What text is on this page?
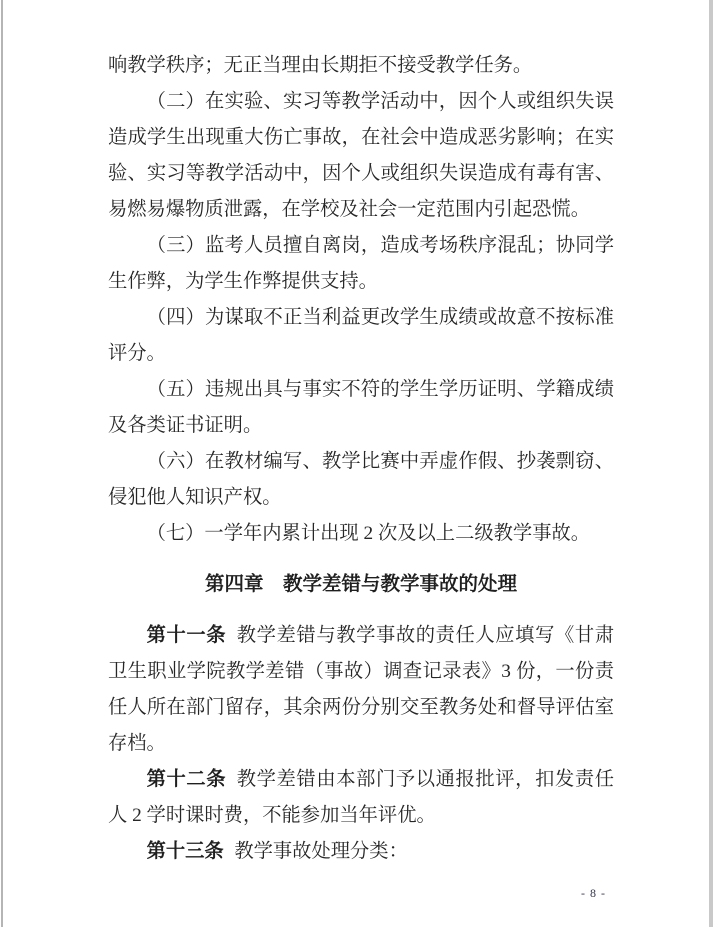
响教学秩序；无正当理由长期拒不接受教学任务。

（二）在实验、实习等教学活动中，因个人或组织失误造成学生出现重大伤亡事故，在社会中造成恶劣影响；在实验、实习等教学活动中，因个人或组织失误造成有毒有害、易燃易爆物质泄露，在学校及社会一定范围内引起恐慌。

（三）监考人员擅自离岗，造成考场秩序混乱；协同学生作弊，为学生作弊提供支持。

（四）为谋取不正当利益更改学生成绩或故意不按标准评分。

（五）违规出具与事实不符的学生学历证明、学籍成绩及各类证书证明。

（六）在教材编写、教学比赛中弄虚作假、抄袭剽窃、侵犯他人知识产权。

（七）一学年内累计出现 2 次及以上二级教学事故。

第四章　教学差错与教学事故的处理

第十一条 教学差错与教学事故的责任人应填写《甘肃卫生职业学院教学差错（事故）调查记录表》3 份，一份责任人所在部门留存，其余两份分别交至教务处和督导评估室存档。

第十二条 教学差错由本部门予以通报批评，扣发责任人 2 学时课时费，不能参加当年评优。

第十三条 教学事故处理分类：

- 8 -
